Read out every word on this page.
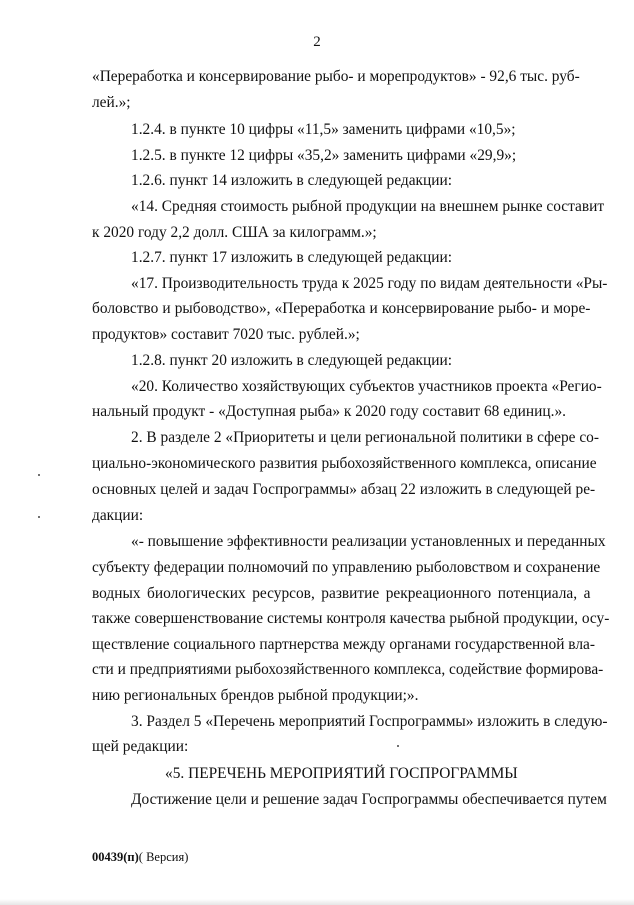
2
«Переработка и консервирование рыбо- и морепродуктов» - 92,6 тыс. руб-
лей.»;
1.2.4. в пункте 10 цифры «11,5» заменить цифрами «10,5»;
1.2.5. в пункте 12 цифры «35,2» заменить цифрами «29,9»;
1.2.6. пункт 14 изложить в следующей редакции:
«14. Средняя стоимость рыбной продукции на внешнем рынке составит
к 2020 году 2,2 долл. США за килограмм.»;
1.2.7. пункт 17 изложить в следующей редакции:
«17. Производительность труда к 2025 году по видам деятельности «Ры-
боловство и рыбоводство», «Переработка и консервирование рыбо- и море-
продуктов» составит 7020 тыс. рублей.»;
1.2.8. пункт 20 изложить в следующей редакции:
«20. Количество хозяйствующих субъектов участников проекта «Регио-
нальный продукт - «Доступная рыба» к 2020 году составит 68 единиц.».
2. В разделе 2 «Приоритеты и цели региональной политики в сфере со-
циально-экономического развития рыбохозяйственного комплекса, описание
основных целей и задач Госпрограммы» абзац 22 изложить в следующей ре-
дакции:
«- повышение эффективности реализации установленных и переданных
субъекту федерации полномочий по управлению рыболовством и сохранение
водных биологических ресурсов, развитие рекреационного потенциала, а
также совершенствование системы контроля качества рыбной продукции, осу-
ществление социального партнерства между органами государственной вла-
сти и предприятиями рыбохозяйственного комплекса, содействие формирова-
нию региональных брендов рыбной продукции;».
3. Раздел 5 «Перечень мероприятий Госпрограммы» изложить в следую-
щей редакции:
«5. ПЕРЕЧЕНЬ МЕРОПРИЯТИЙ ГОСПРОГРАММЫ
Достижение цели и решение задач Госпрограммы обеспечивается путем
00439(п)( Версия)
